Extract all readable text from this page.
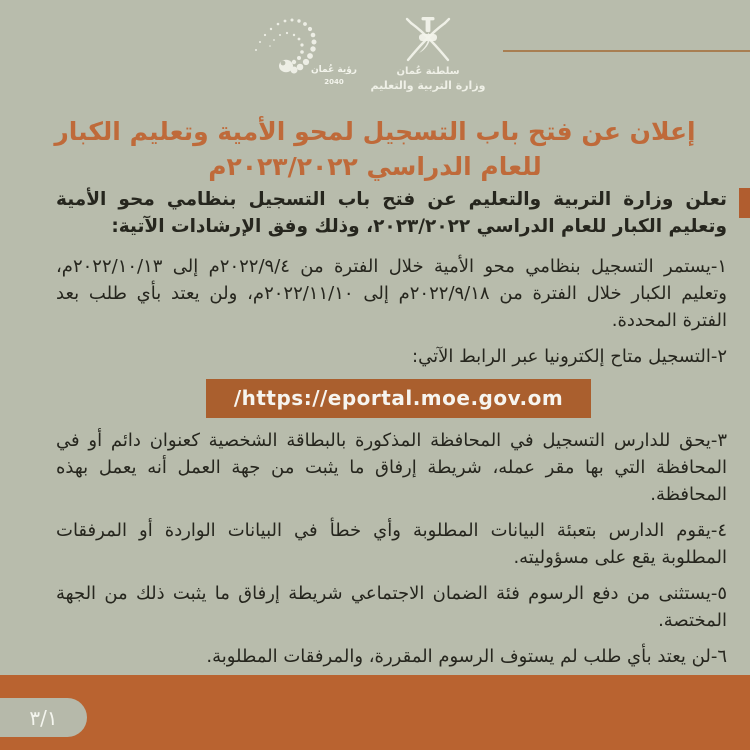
رؤية عُمان
2040
سلطنة عُمان
وزارة التربية والتعليم
إعلان عن فتح باب التسجيل لمحو الأمية وتعليم الكبار
للعام الدراسي ٢٠٢٣/٢٠٢٢م

تعلن وزارة التربية والتعليم عن فتح باب التسجيل بنظامي محو الأمية وتعليم الكبار للعام الدراسي ٢٠٢٣/٢٠٢٢، وذلك وفق الإرشادات الآتية:

١-يستمر التسجيل بنظامي محو الأمية خلال الفترة من ٢٠٢٢/٩/٤م إلى ٢٠٢٢/١٠/١٣م، وتعليم الكبار خلال الفترة من ٢٠٢٢/٩/١٨م إلى ٢٠٢٢/١١/١٠م، ولن يعتد بأي طلب بعد الفترة المحددة.

٢-التسجيل متاح إلكترونيا عبر الرابط الآتي:

/https://eportal.moe.gov.om

٣-يحق للدارس التسجيل في المحافظة المذكورة بالبطاقة الشخصية كعنوان دائم أو في المحافظة التي بها مقر عمله، شريطة إرفاق ما يثبت من جهة العمل أنه يعمل بهذه المحافظة.

٤-يقوم الدارس بتعبئة البيانات المطلوبة وأي خطأ في البيانات الواردة أو المرفقات المطلوبة يقع على مسؤوليته.

٥-يستثنى من دفع الرسوم فئة الضمان الاجتماعي شريطة إرفاق ما يثبت ذلك من الجهة المختصة.

٦-لن يعتد بأي طلب لم يستوف الرسوم المقررة، والمرفقات المطلوبة.

٣/١
